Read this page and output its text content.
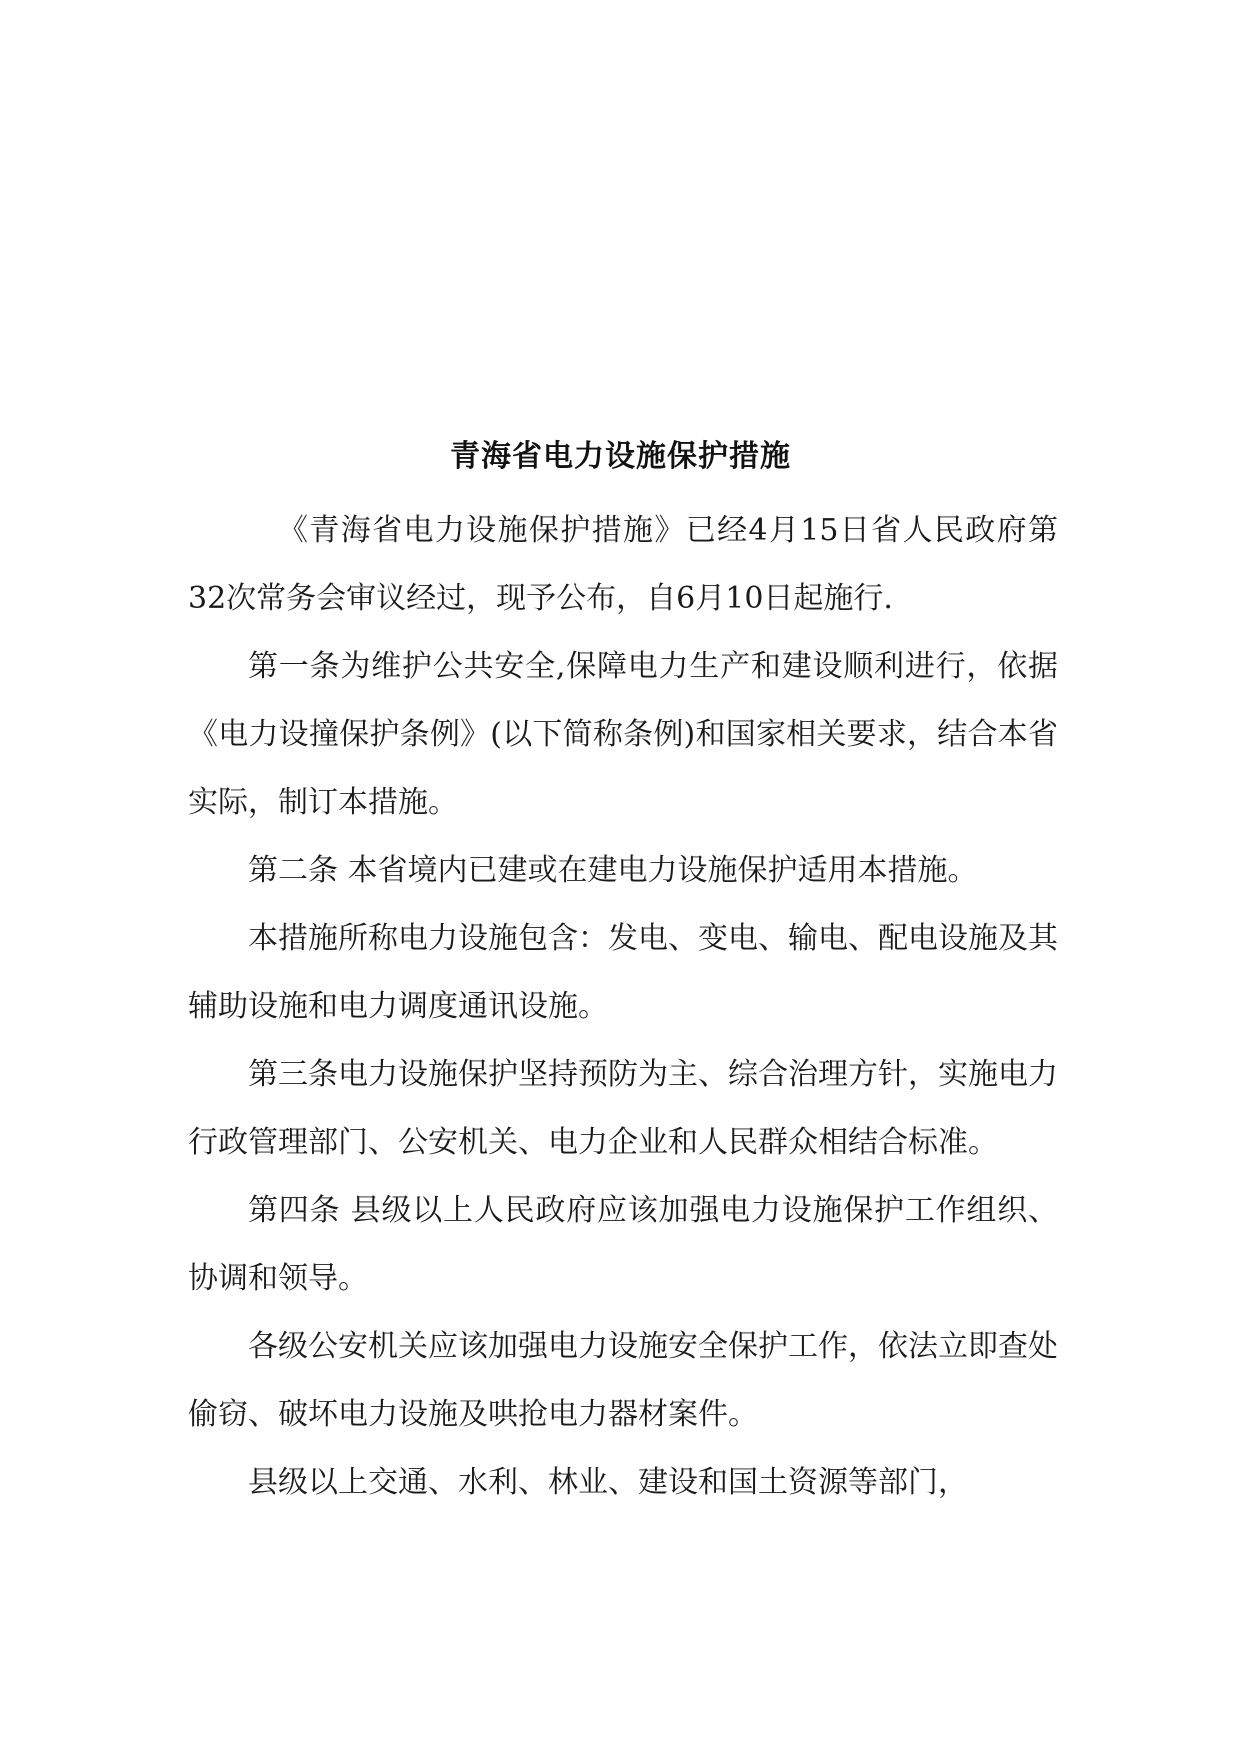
青海省电力设施保护措施

《青海省电力设施保护措施》已经4月15日省人民政府第32次常务会审议经过，现予公布，自6月10日起施行.

第一条为维护公共安全,保障电力生产和建设顺利进行，依据《电力设撞保护条例》(以下简称条例)和国家相关要求，结合本省实际，制订本措施。

第二条 本省境内已建或在建电力设施保护适用本措施。

本措施所称电力设施包含：发电、变电、输电、配电设施及其辅助设施和电力调度通讯设施。

第三条电力设施保护坚持预防为主、综合治理方针，实施电力行政管理部门、公安机关、电力企业和人民群众相结合标准。

第四条 县级以上人民政府应该加强电力设施保护工作组织、协调和领导。

各级公安机关应该加强电力设施安全保护工作，依法立即查处偷窃、破坏电力设施及哄抢电力器材案件。

县级以上交通、水利、林业、建设和国土资源等部门，
